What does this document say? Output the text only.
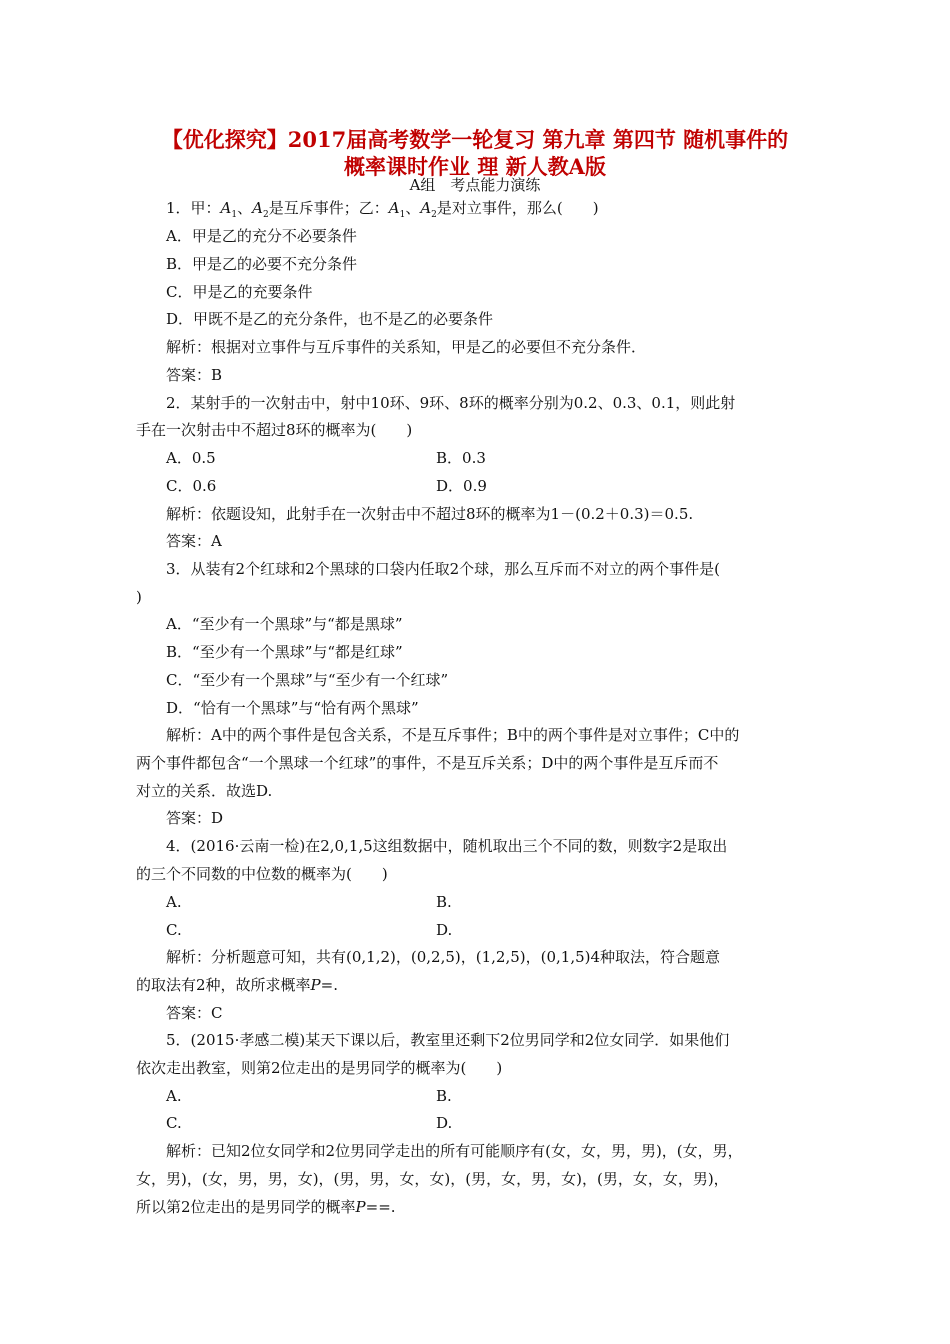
【优化探究】2017届高考数学一轮复习 第九章 第四节 随机事件的
概率课时作业 理 新人教A版
A组　考点能力演练
1．甲：$A_1$、$A_2$是互斥事件；乙：$A_1$、$A_2$是对立事件，那么(　　)
A．甲是乙的充分不必要条件
B．甲是乙的必要不充分条件
C．甲是乙的充要条件
D．甲既不是乙的充分条件，也不是乙的必要条件
解析：根据对立事件与互斥事件的关系知，甲是乙的必要但不充分条件．
答案：B
2．某射手的一次射击中，射中10环、9环、8环的概率分别为0.2、0.3、0.1，则此射
手在一次射击中不超过8环的概率为(　　)
A．0.5	B．0.3
C．0.6	D．0.9
解析：依题设知，此射手在一次射击中不超过8环的概率为1－(0.2＋0.3)＝0.5.
答案：A
3．从装有2个红球和2个黑球的口袋内任取2个球，那么互斥而不对立的两个事件是(
)
A．“至少有一个黑球”与“都是黑球”
B．“至少有一个黑球”与“都是红球”
C．“至少有一个黑球”与“至少有一个红球”
D．“恰有一个黑球”与“恰有两个黑球”
解析：A中的两个事件是包含关系，不是互斥事件；B中的两个事件是对立事件；C中的
两个事件都包含“一个黑球一个红球”的事件，不是互斥关系；D中的两个事件是互斥而不
对立的关系．故选D.
答案：D
4．(2016·云南一检)在2,0,1,5这组数据中，随机取出三个不同的数，则数字2是取出
的三个不同数的中位数的概率为(　　)
A.	B.
C.	D.
解析：分析题意可知，共有(0,1,2)，(0,2,5)，(1,2,5)，(0,1,5)4种取法，符合题意
的取法有2种，故所求概率P=.
答案：C
5．(2015·孝感二模)某天下课以后，教室里还剩下2位男同学和2位女同学．如果他们
依次走出教室，则第2位走出的是男同学的概率为(　　)
A.	B.
C.	D.
解析：已知2位女同学和2位男同学走出的所有可能顺序有(女，女，男，男)，(女，男，
女，男)，(女，男，男，女)，(男，男，女，女)，(男，女，男，女)，(男，女，女，男)，
所以第2位走出的是男同学的概率P==.
